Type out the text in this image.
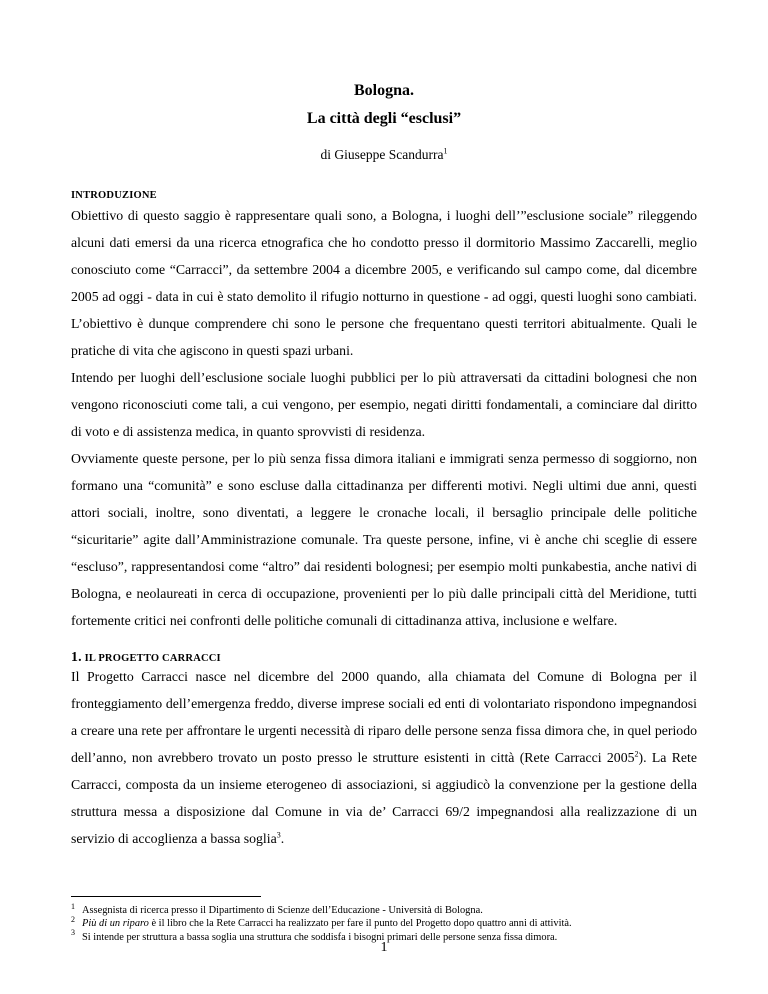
Bologna.
La città degli “esclusi”
di Giuseppe Scandurra$^1$
INTRODUZIONE

Obiettivo di questo saggio è rappresentare quali sono, a Bologna, i luoghi dell’”esclusione sociale” rileggendo alcuni dati emersi da una ricerca etnografica che ho condotto presso il dormitorio Massimo Zaccarelli, meglio conosciuto come “Carracci”, da settembre 2004 a dicembre 2005, e verificando sul campo come, dal dicembre 2005 ad oggi - data in cui è stato demolito il rifugio notturno in questione - ad oggi, questi luoghi sono cambiati. L’obiettivo è dunque comprendere chi sono le persone che frequentano questi territori abitualmente. Quali le pratiche di vita che agiscono in questi spazi urbani.

Intendo per luoghi dell’esclusione sociale luoghi pubblici per lo più attraversati da cittadini bolognesi che non vengono riconosciuti come tali, a cui vengono, per esempio, negati diritti fondamentali, a cominciare dal diritto di voto e di assistenza medica, in quanto sprovvisti di residenza.

Ovviamente queste persone, per lo più senza fissa dimora italiani e immigrati senza permesso di soggiorno, non formano una “comunità” e sono escluse dalla cittadinanza per differenti motivi. Negli ultimi due anni, questi attori sociali, inoltre, sono diventati, a leggere le cronache locali, il bersaglio principale delle politiche “sicuritarie” agite dall’Amministrazione comunale. Tra queste persone, infine, vi è anche chi sceglie di essere “escluso”, rappresentandosi come “altro” dai residenti bolognesi; per esempio molti punkabestia, anche nativi di Bologna, e neolaureati in cerca di occupazione, provenienti per lo più dalle principali città del Meridione, tutti fortemente critici nei confronti delle politiche comunali di cittadinanza attiva, inclusione e welfare.

1. IL PROGETTO CARRACCI

Il Progetto Carracci nasce nel dicembre del 2000 quando, alla chiamata del Comune di Bologna per il fronteggiamento dell’emergenza freddo, diverse imprese sociali ed enti di volontariato rispondono impegnandosi a creare una rete per affrontare le urgenti necessità di riparo delle persone senza fissa dimora che, in quel periodo dell’anno, non avrebbero trovato un posto presso le strutture esistenti in città (Rete Carracci 2005$^2$). La Rete Carracci, composta da un insieme eterogeneo di associazioni, si aggiudicò la convenzione per la gestione della struttura messa a disposizione dal Comune in via de’ Carracci 69/2 impegnandosi alla realizzazione di un servizio di accoglienza a bassa soglia$^3$.

$^1$ Assegnista di ricerca presso il Dipartimento di Scienze dell’Educazione - Università di Bologna.
$^2$ Più di un riparo è il libro che la Rete Carracci ha realizzato per fare il punto del Progetto dopo quattro anni di attività.
$^3$ Si intende per struttura a bassa soglia una struttura che soddisfa i bisogni primari delle persone senza fissa dimora.
1
